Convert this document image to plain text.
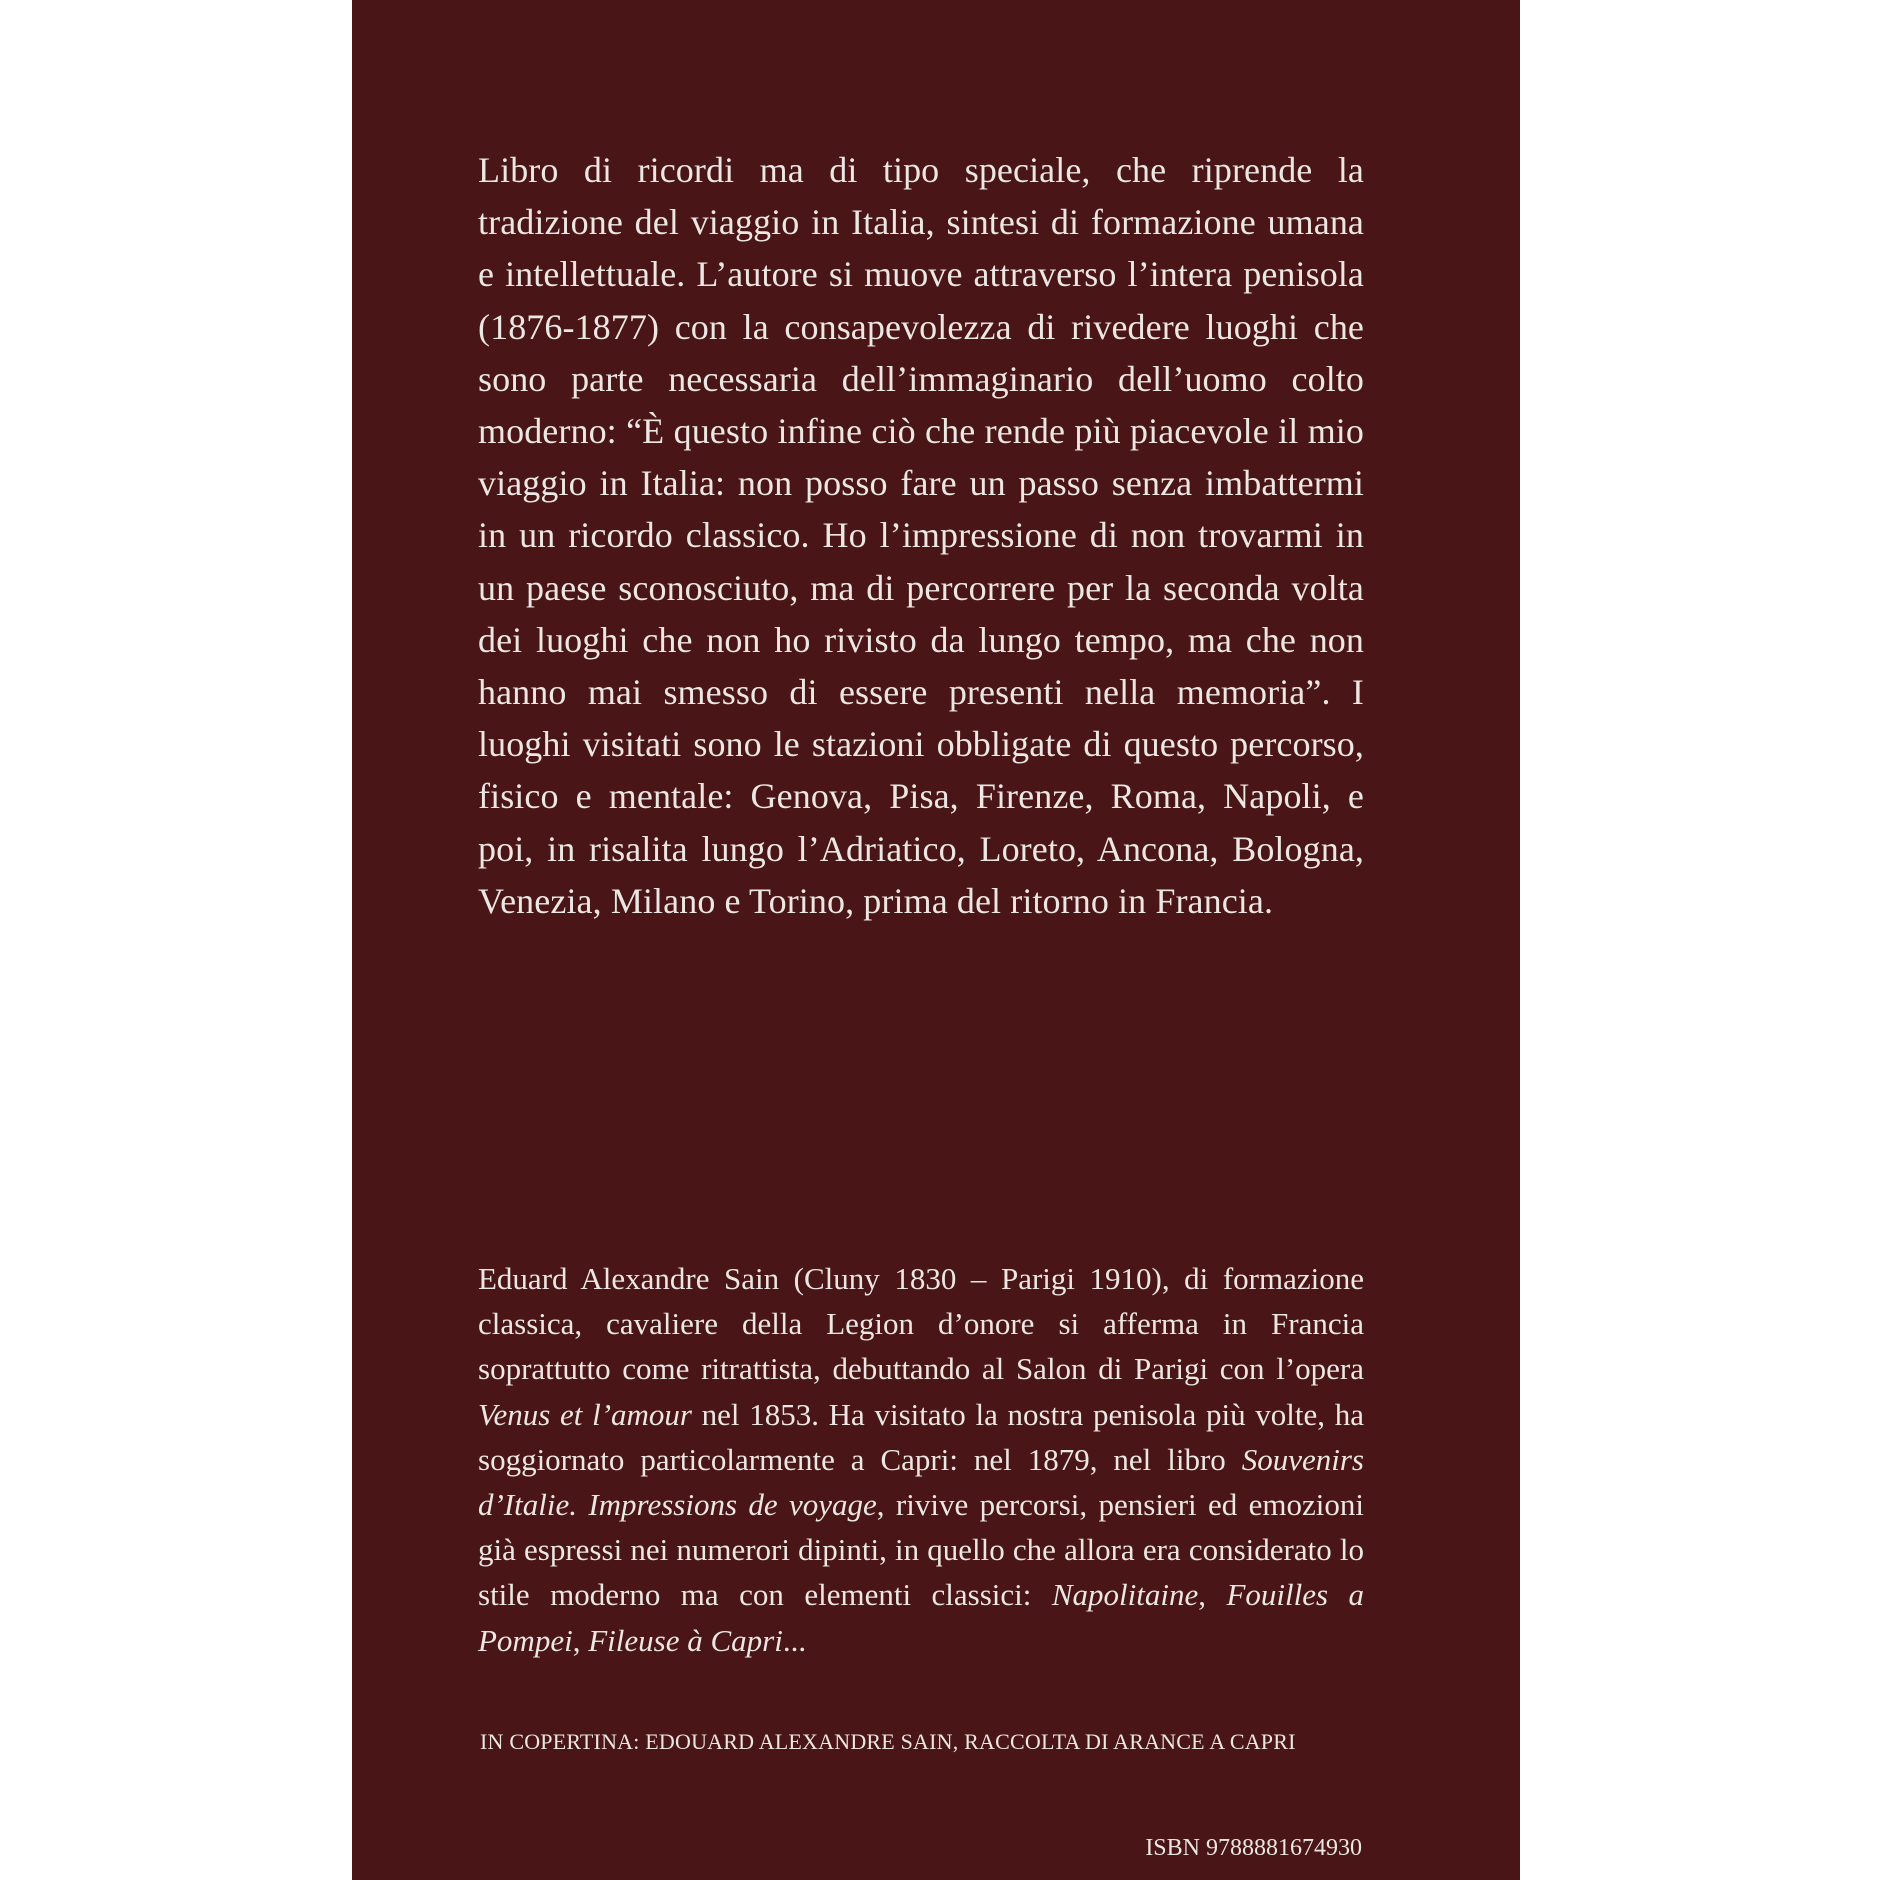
Libro di ricordi ma di tipo speciale, che riprende la tradizione del viaggio in Italia, sintesi di formazione umana e intellettuale. L’autore si muove attraverso l’intera penisola (1876-1877) con la consapevolezza di rivedere luoghi che sono parte necessaria dell’immaginario dell’uomo colto moderno: “È questo infine ciò che rende più piacevole il mio viaggio in Italia: non posso fare un passo senza imbattermi in un ricordo classico. Ho l’impressione di non trovarmi in un paese sconosciuto, ma di percorrere per la seconda volta dei luoghi che non ho rivisto da lungo tempo, ma che non hanno mai smesso di essere presenti nella memoria”. I luoghi visitati sono le stazioni obbligate di questo percorso, fisico e mentale: Genova, Pisa, Firenze, Roma, Napoli, e poi, in risalita lungo l’Adriatico, Loreto, Ancona, Bologna, Venezia, Milano e Torino, prima del ritorno in Francia.

Eduard Alexandre Sain (Cluny 1830 – Parigi 1910), di formazione classica, cavaliere della Legion d’onore si afferma in Francia soprattutto come ritrattista, debuttando al Salon di Parigi con l’opera Venus et l’amour nel 1853. Ha visitato la nostra penisola più volte, ha soggiornato particolarmente a Capri: nel 1879, nel libro Souvenirs d’Italie. Impressions de voyage, rivive percorsi, pensieri ed emozioni già espressi nei numerori dipinti, in quello che allora era considerato lo stile moderno ma con elementi classici: Napolitaine, Fouilles a Pompei, Fileuse à Capri...

IN COPERTINA: EDOUARD ALEXANDRE SAIN, RACCOLTA DI ARANCE A CAPRI

ISBN 9788881674930
